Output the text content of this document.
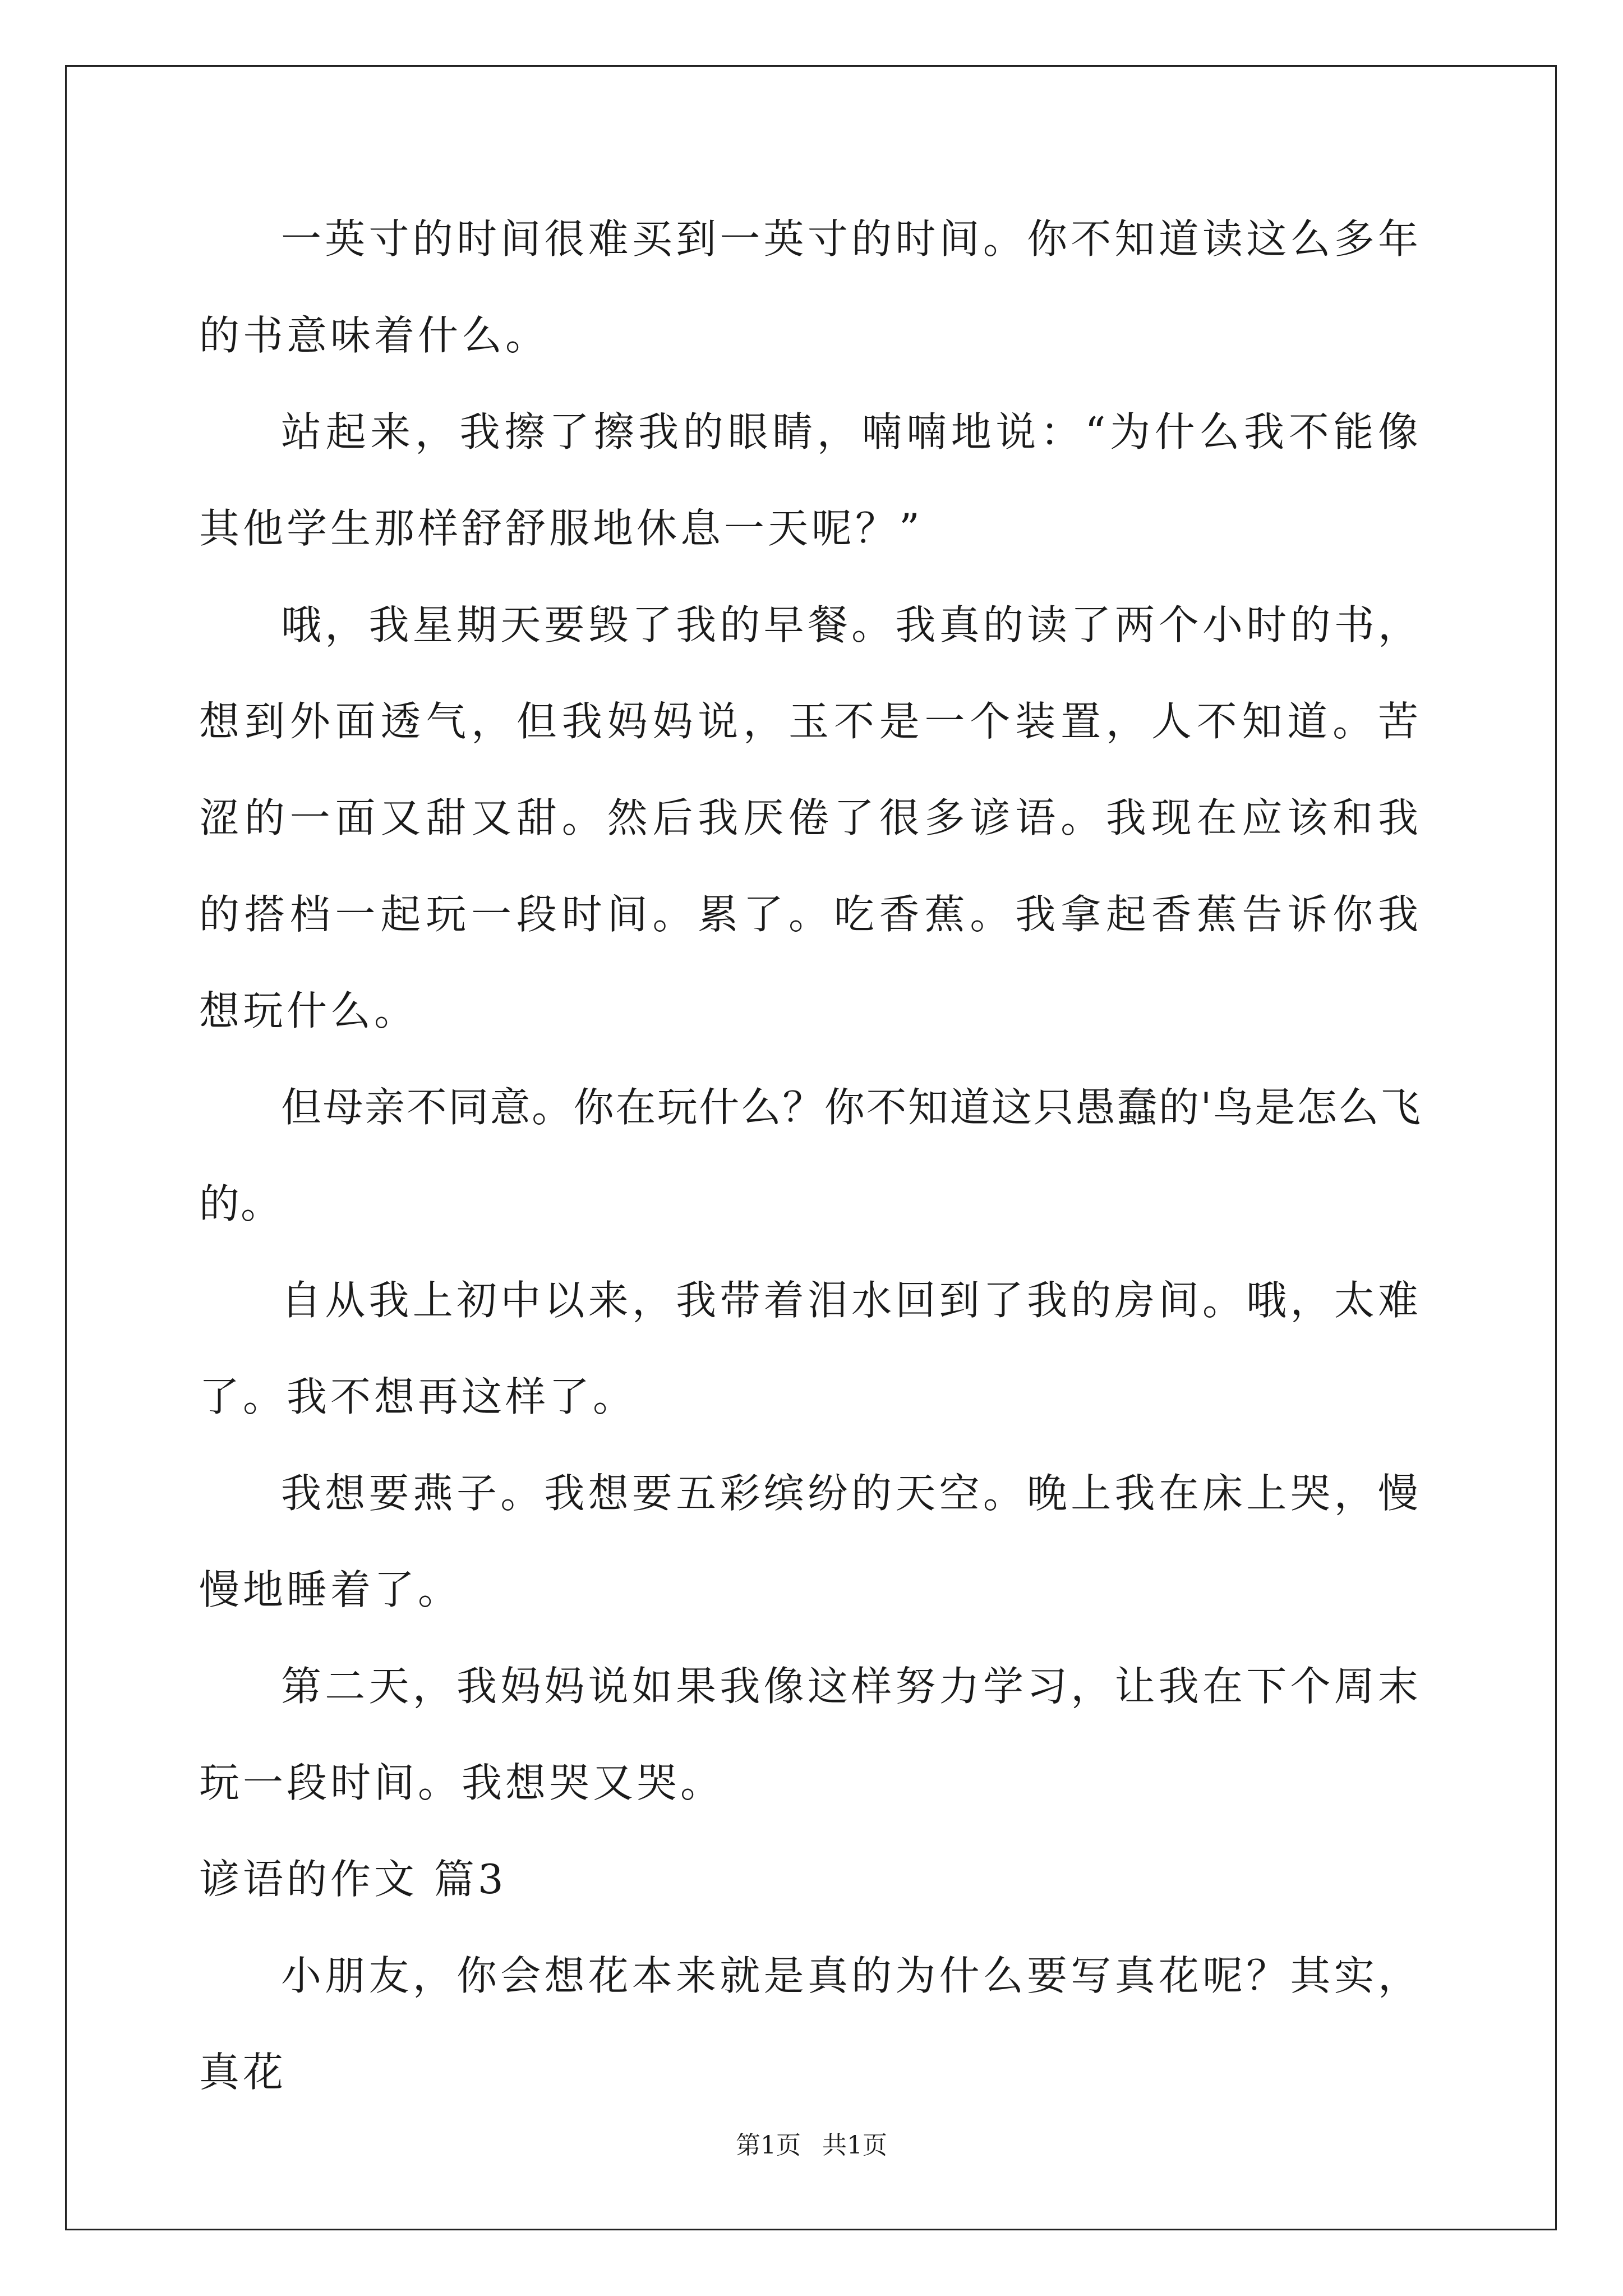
一英寸的时间很难买到一英寸的时间。你不知道读这么多年的书意味着什么。

站起来，我擦了擦我的眼睛，喃喃地说：“为什么我不能像其他学生那样舒舒服地休息一天呢？”

哦，我星期天要毁了我的早餐。我真的读了两个小时的书，想到外面透气，但我妈妈说，玉不是一个装置，人不知道。苦涩的一面又甜又甜。然后我厌倦了很多谚语。我现在应该和我的搭档一起玩一段时间。累了。吃香蕉。我拿起香蕉告诉你我想玩什么。

但母亲不同意。你在玩什么？你不知道这只愚蠢的'鸟是怎么飞的。

自从我上初中以来，我带着泪水回到了我的房间。哦，太难了。我不想再这样了。

我想要燕子。我想要五彩缤纷的天空。晚上我在床上哭，慢慢地睡着了。

第二天，我妈妈说如果我像这样努力学习，让我在下个周末玩一段时间。我想哭又哭。

谚语的作文 篇3

小朋友，你会想花本来就是真的为什么要写真花呢？其实，真花

第1页 共1页
